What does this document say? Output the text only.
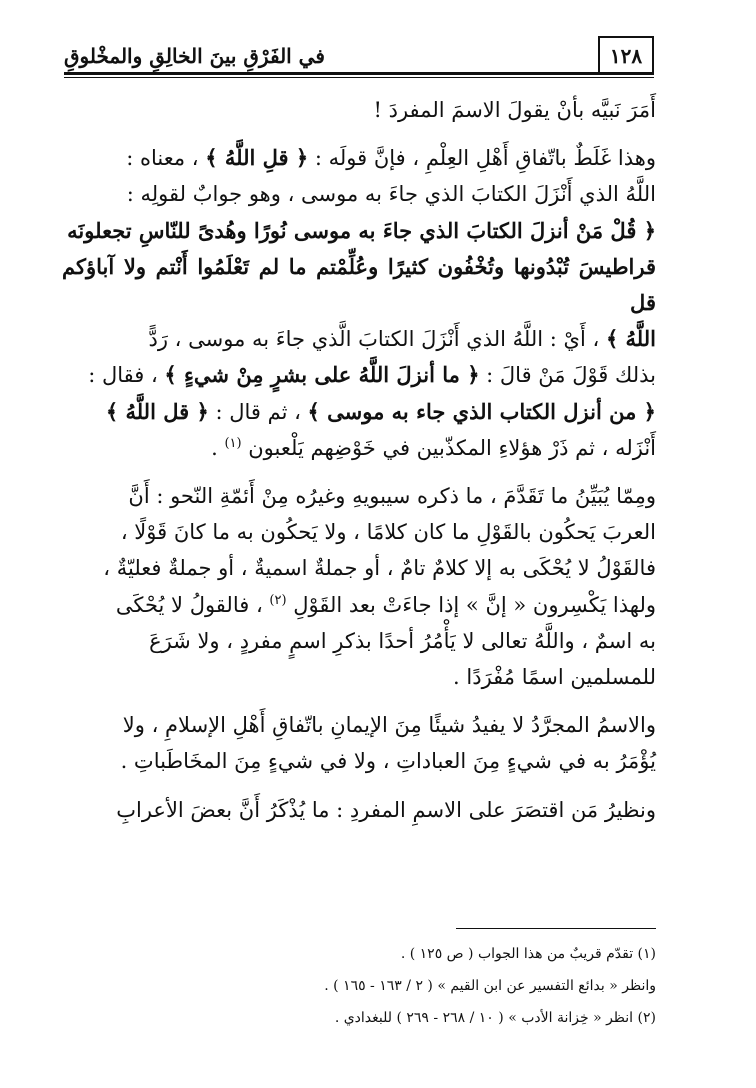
في الفَرْقِ بينَ الخالِقِ والمخْلوقِ	١٢٨

أَمَرَ نَبيَّه بأنْ يقولَ الاسمَ المفردَ !

وهذا غَلَطٌ باتّفاقِ أَهْلِ العِلْمِ ، فإنَّ قولَه : ﴿ قلِ اللَّهُ ﴾ ، معناه :

اللَّهُ الذي أَنْزَلَ الكتابَ الذي جاءَ به موسى ، وهو جوابٌ لقولِه :

﴿ قُلْ مَنْ أنزلَ الكتابَ الذي جاءَ به موسى نُورًا وهُدىً للنّاسِ تجعلونَه

قراطيسَ تُبْدُونها وتُخْفُون كثيرًا وعُلِّمْتم ما لم تَعْلَمُوا أَنْتم ولا آباؤكم قل

اللَّهُ ﴾ ، أَيْ : اللَّهُ الذي أَنْزَلَ الكتابَ الَّذي جاءَ به موسى ، رَدًّ

بذلك قَوْلَ مَنْ قالَ : ﴿ ما أنزلَ اللَّهُ على بشرٍ مِنْ شيءٍ ﴾ ، فقال :

﴿ من أنزل الكتاب الذي جاء به موسى ﴾ ، ثم قال : ﴿ قل اللَّهُ ﴾

أَنْزَله ، ثم ذَرْ هؤلاءِ المكذّبين في خَوْضِهم يَلْعبون $^{(١)}$ .

ومِمّا يُبَيِّنُ ما تَقَدَّمَ ، ما ذكره سيبويهِ وغيرُه مِنْ أَئمّةِ النّحو : أَنَّ

العربَ يَحكُون بالقَوْلِ ما كان كلامًا ، ولا يَحكُون به ما كانَ قَوْلًا ،

فالقَوْلُ لا يُحْكَى به إلا كلامٌ تامٌ ، أو جملةٌ اسميةٌ ، أو جملةٌ فعليّةٌ ،

ولهذا يَكْسِرون « إنَّ » إذا جاءَتْ بعد القَوْلِ $^{(٢)}$ ، فالقولُ لا يُحْكَى

به اسمٌ ، واللَّهُ تعالى لا يَأْمُرُ أحدًا بذكرِ اسمٍ مفردٍ ، ولا شَرَعَ

للمسلمين اسمًا مُفْرَدًا .

والاسمُ المجرَّدُ لا يفيدُ شيئًا مِنَ الإيمانِ باتّفاقِ أَهْلِ الإسلامِ ، ولا

يُؤْمَرُ به في شيءٍ مِنَ العباداتِ ، ولا في شيءٍ مِنَ المخَاطَباتِ .

ونظيرُ مَن اقتصَرَ على الاسمِ المفردِ : ما يُذْكَرُ أَنَّ بعضَ الأعرابِ

(١) تقدّم قريبٌ من هذا الجواب ( ص ١٢٥ ) .

وانظر « بدائع التفسير عن ابن القيم » ( ٢ / ١٦٣ - ١٦٥ ) .

(٢) انظر « خِزانة الأدب » ( ١٠ / ٢٦٨ - ٢٦٩ ) للبغدادي .
